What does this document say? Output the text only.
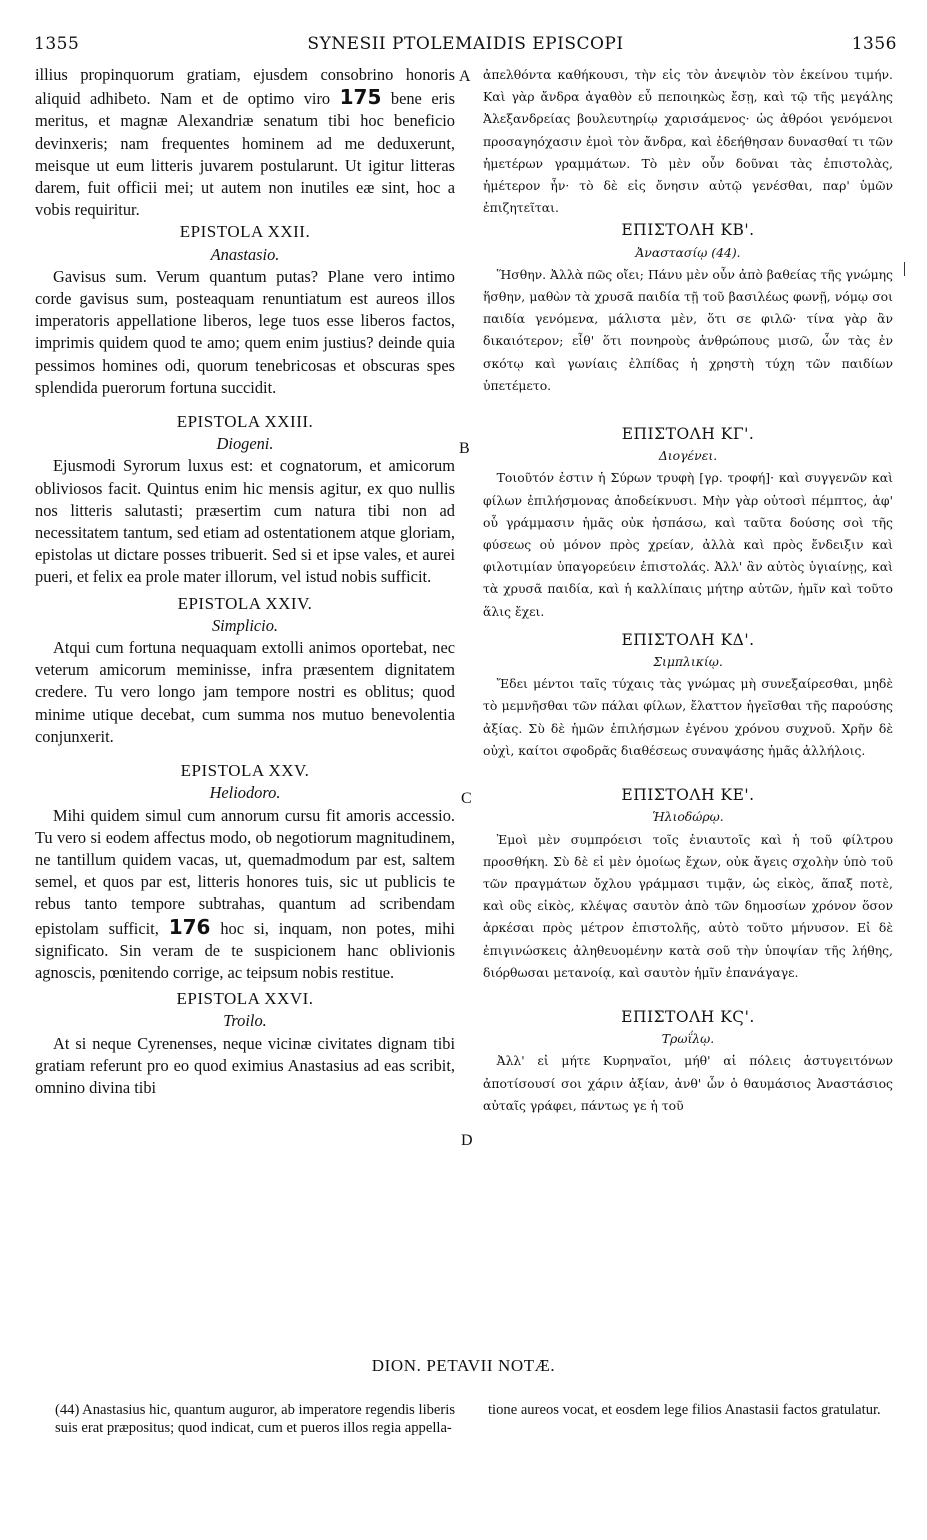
1355	SYNESII PTOLEMAIDIS EPISCOPI	1356
A
B
C
D

illius propinquorum gratiam, ejusdem consobrino honoris aliquid adhibeto. Nam et de optimo viro 175 bene eris meritus, et magnæ Alexandriæ senatum tibi hoc beneficio devinxeris; nam frequentes hominem ad me deduxerunt, meisque ut eum litteris juvarem postularunt. Ut igitur litteras darem, fuit officii mei; ut autem non inutiles eæ sint, hoc a vobis requiritur.

EPISTOLA XXII.

Anastasio.

Gavisus sum. Verum quantum putas? Plane vero intimo corde gavisus sum, posteaquam renuntiatum est aureos illos imperatoris appellatione liberos, lege tuos esse liberos factos, imprimis quidem quod te amo; quem enim justius? deinde quia pessimos homines odi, quorum tenebricosas et obscuras spes splendida puerorum fortuna succidit.

EPISTOLA XXIII.

Diogeni.

Ejusmodi Syrorum luxus est: et cognatorum, et amicorum obliviosos facit. Quintus enim hic mensis agitur, ex quo nullis nos litteris salutasti; præsertim cum natura tibi non ad necessitatem tantum, sed etiam ad ostentationem atque gloriam, epistolas ut dictare posses tribuerit. Sed si et ipse vales, et aurei pueri, et felix ea prole mater illorum, vel istud nobis sufficit.

EPISTOLA XXIV.

Simplicio.

Atqui cum fortuna nequaquam extolli animos oportebat, nec veterum amicorum meminisse, infra præsentem dignitatem credere. Tu vero longo jam tempore nostri es oblitus; quod minime utique decebat, cum summa nos mutuo benevolentia conjunxerit.

EPISTOLA XXV.

Heliodoro.

Mihi quidem simul cum annorum cursu fit amoris accessio. Tu vero si eodem affectus modo, ob negotiorum magnitudinem, ne tantillum quidem vacas, ut, quemadmodum par est, saltem semel, et quos par est, litteris honores tuis, sic ut publicis te rebus tanto tempore subtrahas, quantum ad scribendam epistolam sufficit, 176 hoc si, inquam, non potes, mihi significato. Sin veram de te suspicionem hanc oblivionis agnoscis, pœnitendo corrige, ac teipsum nobis restitue.

EPISTOLA XXVI.

Troilo.

At si neque Cyrenenses, neque vicinæ civitates dignam tibi gratiam referunt pro eo quod eximius Anastasius ad eas scribit, omnino divina tibi

ἀπελθόντα καθήκουσι, τὴν εἰς τὸν ἀνεψιὸν τὸν ἐκείνου τιμήν. Καὶ γὰρ ἄνδρα ἀγαθὸν εὖ πεποιηκὼς ἔσῃ, καὶ τῷ τῆς μεγάλης Ἀλεξανδρείας βουλευτηρίῳ χαρισάμενος· ὡς ἀθρόοι γενόμενοι προσαγηόχασιν ἐμοὶ τὸν ἄνδρα, καὶ ἐδεήθησαν δυνασθαί τι τῶν ἡμετέρων γραμμάτων. Τὸ μὲν οὖν δοῦναι τὰς ἐπιστολὰς, ἡμέτερον ἦν· τὸ δὲ εἰς ὄνησιν αὐτῷ γενέσθαι, παρ' ὑμῶν ἐπιζητεῖται.

ΕΠΙΣΤΟΛΗ ΚΒ'.

Ἀναστασίῳ (44).

Ἥσθην. Ἀλλὰ πῶς οἴει; Πάνυ μὲν οὖν ἀπὸ βαθείας τῆς γνώμης ἥσθην, μαθὼν τὰ χρυσᾶ παιδία τῇ τοῦ βασιλέως φωνῇ, νόμῳ σοι παιδία γενόμενα, μάλιστα μὲν, ὅτι σε φιλῶ· τίνα γὰρ ἂν δικαιότερον; εἶθ' ὅτι πονηροὺς ἀνθρώπους μισῶ, ὧν τὰς ἐν σκότῳ καὶ γωνίαις ἐλπίδας ἡ χρηστὴ τύχη τῶν παιδίων ὑπετέμετο.

ΕΠΙΣΤΟΛΗ ΚΓ'.

Διογένει.

Τοιοῦτόν ἐστιν ἡ Σύρων τρυφὴ [γρ. τροφή]· καὶ συγγενῶν καὶ φίλων ἐπιλήσμονας ἀποδείκνυσι. Μὴν γὰρ οὑτοσὶ πέμπτος, ἀφ' οὗ γράμμασιν ἡμᾶς οὐκ ἠσπάσω, καὶ ταῦτα δούσης σοὶ τῆς φύσεως οὐ μόνον πρὸς χρείαν, ἀλλὰ καὶ πρὸς ἔνδειξιν καὶ φιλοτιμίαν ὑπαγορεύειν ἐπιστολάς. Ἀλλ' ἂν αὐτὸς ὑγιαίνῃς, καὶ τὰ χρυσᾶ παιδία, καὶ ἡ καλλίπαις μήτηρ αὐτῶν, ἡμῖν καὶ τοῦτο ἅλις ἔχει.

ΕΠΙΣΤΟΛΗ ΚΔ'.

Σιμπλικίῳ.

Ἔδει μέντοι ταῖς τύχαις τὰς γνώμας μὴ συνεξαίρεσθαι, μηδὲ τὸ μεμνῆσθαι τῶν πάλαι φίλων, ἔλαττον ἡγεῖσθαι τῆς παρούσης ἀξίας. Σὺ δὲ ἡμῶν ἐπιλήσμων ἐγένου χρόνου συχνοῦ. Χρῆν δὲ οὐχὶ, καίτοι σφοδρᾶς διαθέσεως συναψάσης ἡμᾶς ἀλλήλοις.

ΕΠΙΣΤΟΛΗ ΚΕ'.

Ἡλιοδώρῳ.

Ἐμοὶ μὲν συμπρόεισι τοῖς ἐνιαυτοῖς καὶ ἡ τοῦ φίλτρου προσθήκη. Σὺ δὲ εἰ μὲν ὁμοίως ἔχων, οὐκ ἄγεις σχολὴν ὑπὸ τοῦ τῶν πραγμάτων ὄχλου γράμμασι τιμᾷν, ὡς εἰκὸς, ἅπαξ ποτὲ, καὶ οὓς εἰκὸς, κλέψας σαυτὸν ἀπὸ τῶν δημοσίων χρόνον ὅσον ἀρκέσαι πρὸς μέτρον ἐπιστολῆς, αὐτὸ τοῦτο μήνυσον. Εἰ δὲ ἐπιγινώσκεις ἀληθευομένην κατὰ σοῦ τὴν ὑποψίαν τῆς λήθης, διόρθωσαι μετανοίᾳ, καὶ σαυτὸν ἡμῖν ἐπανάγαγε.

ΕΠΙΣΤΟΛΗ ΚϚ'.

Τρωΐλῳ.

Ἀλλ' εἰ μήτε Κυρηναῖοι, μήθ' αἱ πόλεις ἀστυγειτόνων ἀποτίσουσί σοι χάριν ἀξίαν, ἀνθ' ὧν ὁ θαυμάσιος Ἀναστάσιος αὐταῖς γράφει, πάντως γε ἡ τοῦ

DION. PETAVII NOTÆ.

(44) Anastasius hic, quantum auguror, ab imperatore regendis liberis suis erat præpositus; quod indicat, cum et pueros illos regia appella-

tione aureos vocat, et eosdem lege filios Anastasii factos gratulatur.
